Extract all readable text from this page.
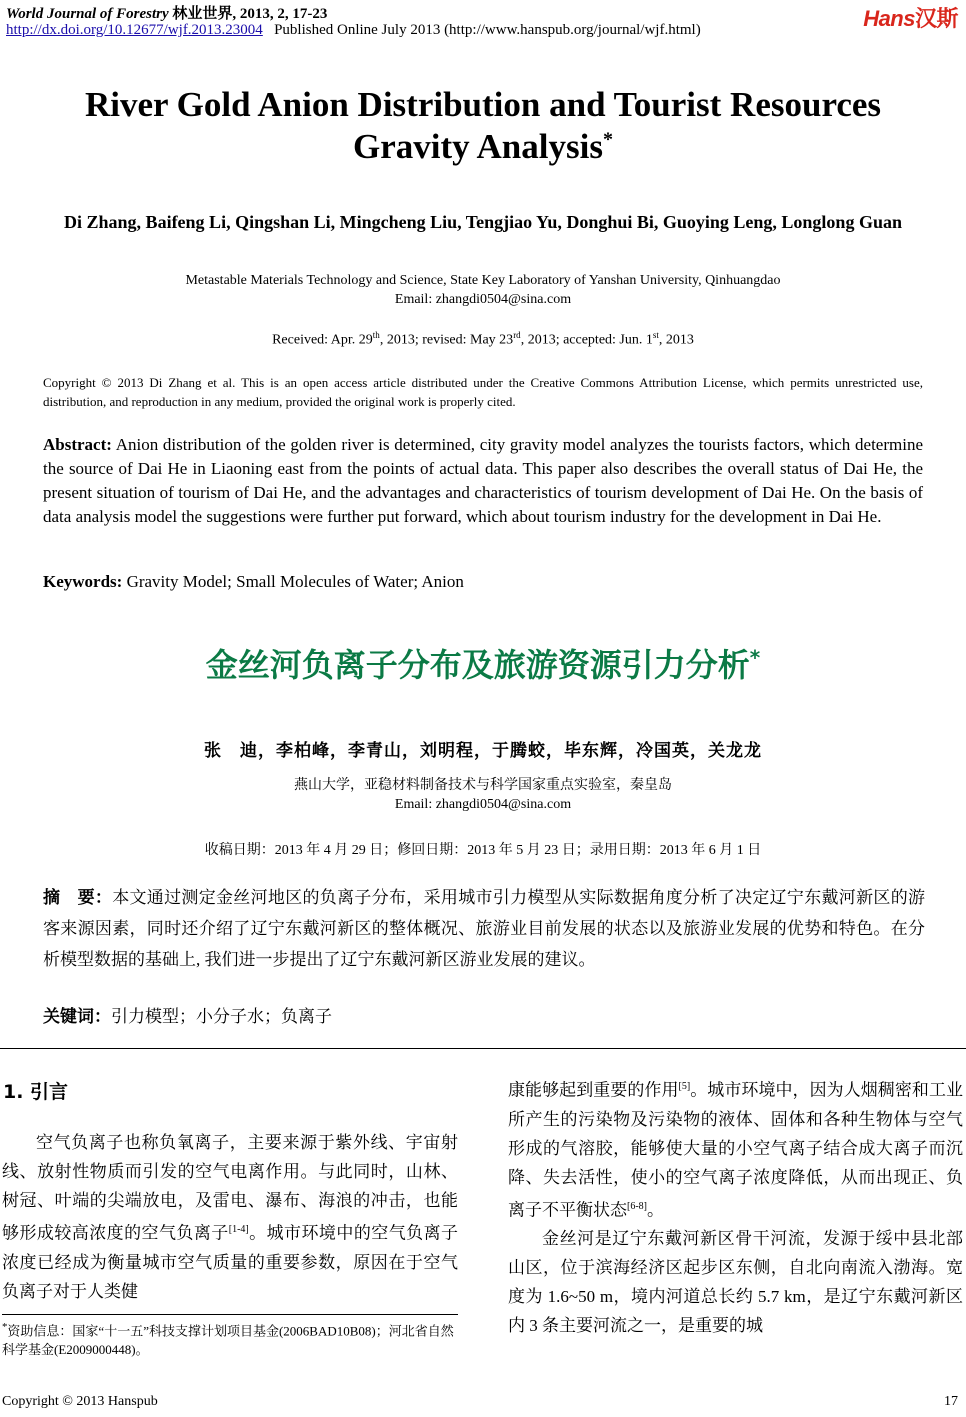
World Journal of Forestry 林业世界, 2013, 2, 17-23
http://dx.doi.org/10.12677/wjf.2013.23004 Published Online July 2013 (http://www.hanspub.org/journal/wjf.html)	Hans汉斯
River Gold Anion Distribution and Tourist Resources Gravity Analysis*
Di Zhang, Baifeng Li, Qingshan Li, Mingcheng Liu, Tengjiao Yu, Donghui Bi, Guoying Leng, Longlong Guan
Metastable Materials Technology and Science, State Key Laboratory of Yanshan University, Qinhuangdao
Email: zhangdi0504@sina.com
Received: Apr. 29th, 2013; revised: May 23rd, 2013; accepted: Jun. 1st, 2013
Copyright © 2013 Di Zhang et al. This is an open access article distributed under the Creative Commons Attribution License, which permits unrestricted use, distribution, and reproduction in any medium, provided the original work is properly cited.
Abstract: Anion distribution of the golden river is determined, city gravity model analyzes the tourists factors, which determine the source of Dai He in Liaoning east from the points of actual data. This paper also describes the overall status of Dai He, the present situation of tourism of Dai He, and the advantages and characteristics of tourism development of Dai He. On the basis of data analysis model the suggestions were further put forward, which about tourism industry for the development in Dai He.
Keywords: Gravity Model; Small Molecules of Water; Anion
金丝河负离子分布及旅游资源引力分析*
张　迪，李柏峰，李青山，刘明程，于腾蛟，毕东辉，冷国英，关龙龙
燕山大学，亚稳材料制备技术与科学国家重点实验室，秦皇岛
Email: zhangdi0504@sina.com
收稿日期：2013 年 4 月 29 日；修回日期：2013 年 5 月 23 日；录用日期：2013 年 6 月 1 日
摘　要：本文通过测定金丝河地区的负离子分布，采用城市引力模型从实际数据角度分析了决定辽宁东戴河新区的游客来源因素，同时还介绍了辽宁东戴河新区的整体概况、旅游业目前发展的状态以及旅游业发展的优势和特色。在分析模型数据的基础上, 我们进一步提出了辽宁东戴河新区游业发展的建议。
关键词：引力模型；小分子水；负离子
1. 引言

空气负离子也称负氧离子，主要来源于紫外线、宇宙射线、放射性物质而引发的空气电离作用。与此同时，山林、树冠、叶端的尖端放电，及雷电、瀑布、海浪的冲击，也能够形成较高浓度的空气负离子[1-4]。城市环境中的空气负离子浓度已经成为衡量城市空气质量的重要参数，原因在于空气负离子对于人类健

康能够起到重要的作用[5]。城市环境中，因为人烟稠密和工业所产生的污染物及污染物的液体、固体和各种生物体与空气形成的气溶胶，能够使大量的小空气离子结合成大离子而沉降、失去活性，使小的空气离子浓度降低，从而出现正、负离子不平衡状态[6-8]。

金丝河是辽宁东戴河新区骨干河流，发源于绥中县北部山区，位于滨海经济区起步区东侧，自北向南流入渤海。宽度为 1.6~50 m，境内河道总长约 5.7 km，是辽宁东戴河新区内 3 条主要河流之一，是重要的城

*资助信息：国家“十一五”科技支撑计划项目基金(2006BAD10B08)；河北省自然科学基金(E2009000448)。
Copyright © 2013 Hanspub	17
